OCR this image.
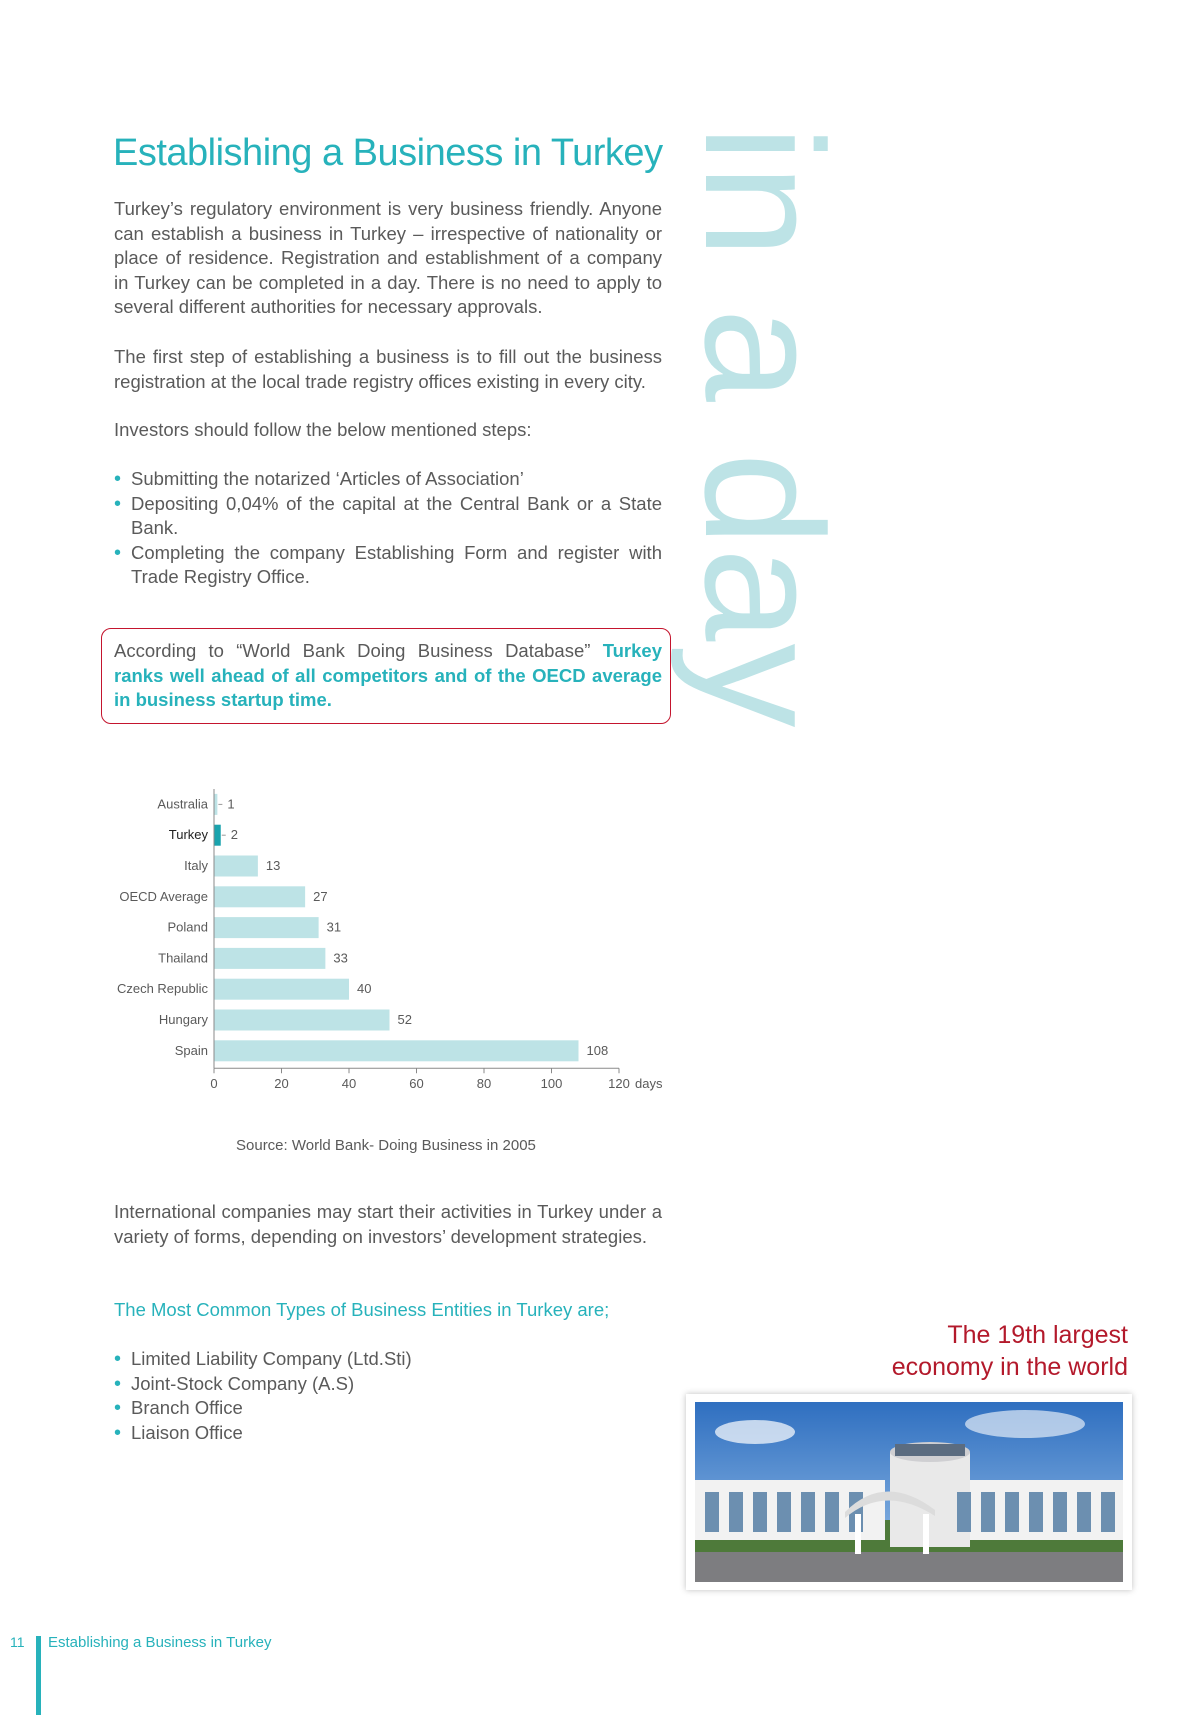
Establishing a Business in Turkey

Turkey’s regulatory environment is very business friendly. Anyone can establish a business in Turkey – irrespective of nationality or place of residence. Registration and establishment of a company in Turkey can be completed in a day. There is no need to apply to several different authorities for necessary approvals.

The first step of establishing a business is to fill out the business registration at the local trade registry offices existing in every city.

Investors should follow the below mentioned steps:

• Submitting the notarized ‘Articles of Association’
• Depositing 0,04% of the capital at the Central Bank or a State Bank.
• Completing the company Establishing Form and register with Trade Registry Office.

According to “World Bank Doing Business Database” Turkey ranks well ahead of all competitors and of the OECD average in business startup time.	in a day
Australia 1
Turkey 2
Italy	13
OECD Average	27
Poland	31
Thailand	33
Czech Republic	40
Hungary	52
Spain	108
0	20	40	60	80	100	120 days
Source: World Bank- Doing Business in 2005

International companies may start their activities in Turkey under a variety of forms, depending on investors’ development strategies.

The Most Common Types of Business Entities in Turkey are;
• Limited Liability Company (Ltd.Sti)
• Joint-Stock Company (A.S)
• Branch Office
• Liaison Office
The 19th largest
economy in the world
11 Establishing a Business in Turkey
